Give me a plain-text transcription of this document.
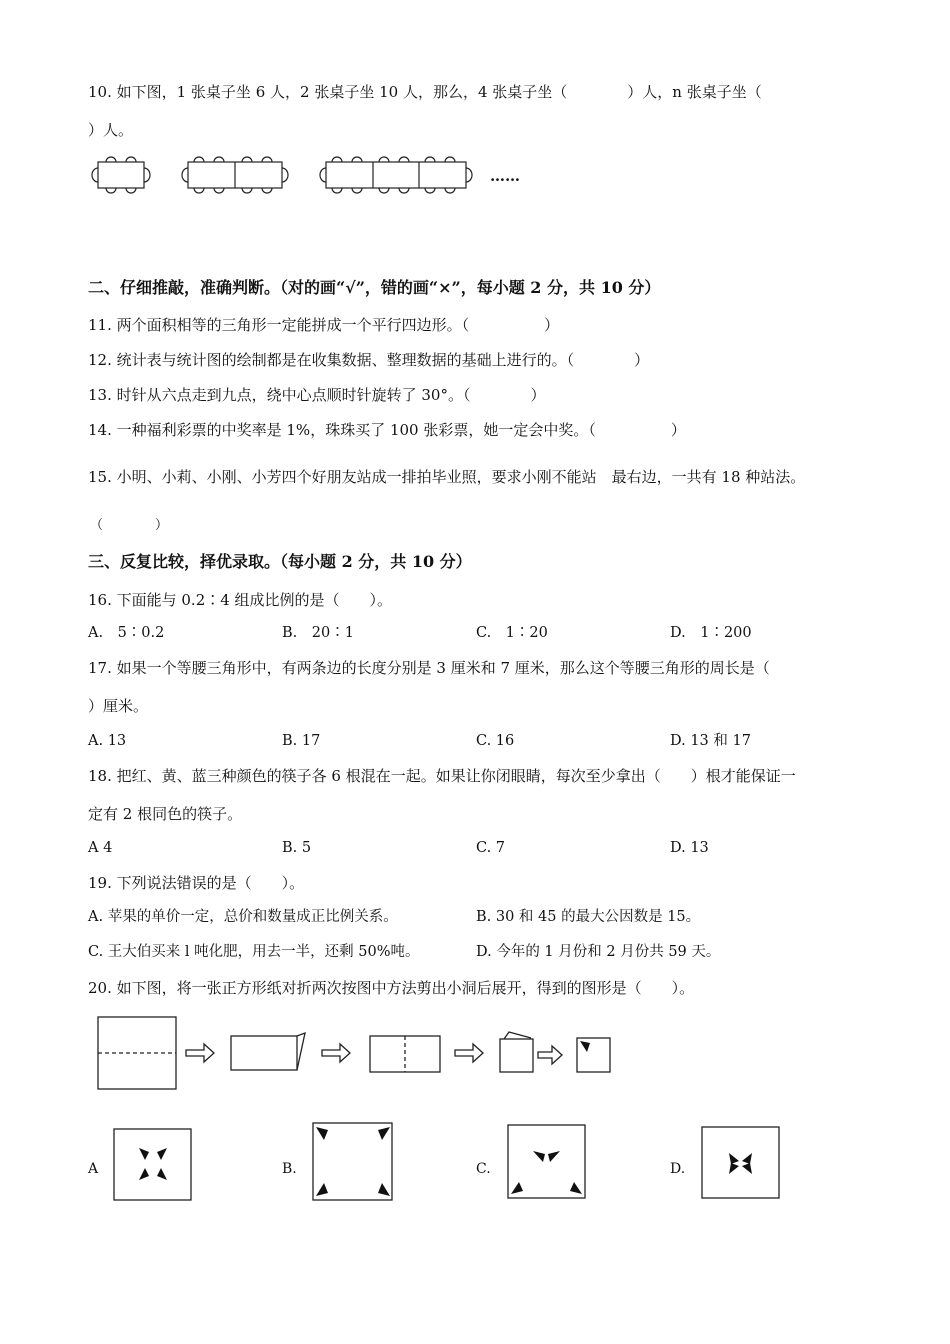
10. 如下图，1 张桌子坐 6 人，2 张桌子坐 10 人，那么，4 张桌子坐（　　　　）人，n 张桌子坐（
）人。
……
二、仔细推敲，准确判断。（对的画“√”，错的画“×”，每小题 2 分，共 10 分）
11. 两个面积相等的三角形一定能拼成一个平行四边形。（　　　　　）
12. 统计表与统计图的绘制都是在收集数据、整理数据的基础上进行的。（　　　　）
13. 时针从六点走到九点，绕中心点顺时针旋转了 30°。（　　　　）
14. 一种福利彩票的中奖率是 1%，珠珠买了 100 张彩票，她一定会中奖。（　　　　　）
15. 小明、小莉、小刚、小芳四个好朋友站成一排拍毕业照，要求小刚不能站　最右边，一共有 18 种站法。
（　　　　）
三、反复比较，择优录取。（每小题 2 分，共 10 分）
16. 下面能与 0.2∶4 组成比例的是（　　）。
A.　5∶0.2	B.　20∶1	C.　1∶20	D.　1∶200
17. 如果一个等腰三角形中，有两条边的长度分别是 3 厘米和 7 厘米，那么这个等腰三角形的周长是（
）厘米。
A. 13	B. 17	C. 16	D. 13 和 17
18. 把红、黄、蓝三种颜色的筷子各 6 根混在一起。如果让你闭眼睛，每次至少拿出（　　）根才能保证一
定有 2 根同色的筷子。
A 4	B. 5	C. 7	D. 13
19. 下列说法错误的是（　　）。
A. 苹果的单价一定，总价和数量成正比例关系。	B. 30 和 45 的最大公因数是 15。
C. 王大伯买来 l 吨化肥，用去一半，还剩 50%吨。	D. 今年的 1 月份和 2 月份共 59 天。
20. 如下图，将一张正方形纸对折两次按图中方法剪出小洞后展开，得到的图形是（　　）。
A	B.	C.	D.
